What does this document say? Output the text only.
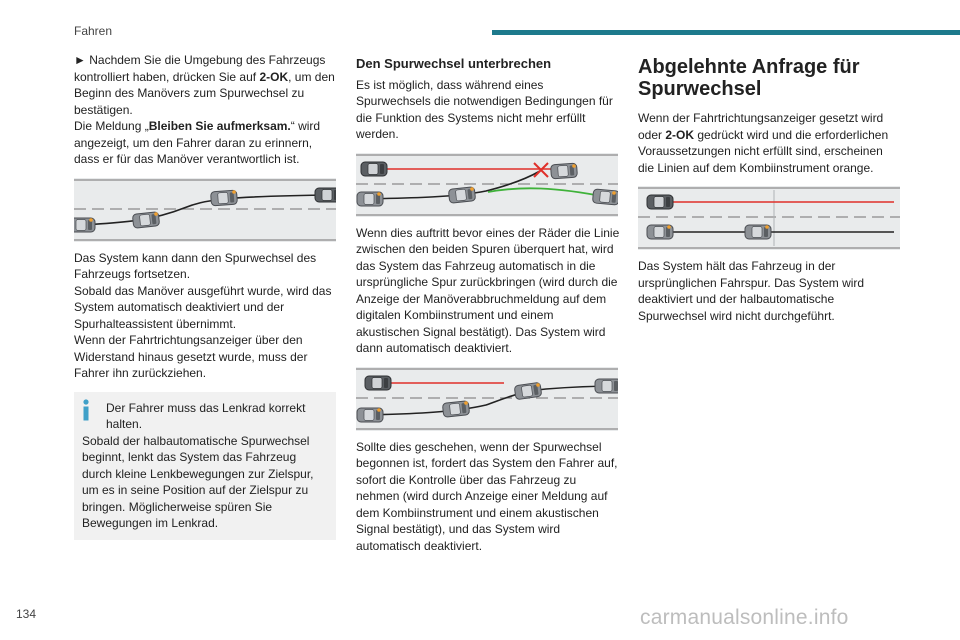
Fahren

► Nachdem Sie die Umgebung des Fahrzeugs kontrolliert haben, drücken Sie auf 2-OK, um den Beginn des Manövers zum Spurwechsel zu bestätigen.

Die Meldung „Bleiben Sie aufmerksam.“ wird angezeigt, um den Fahrer daran zu erinnern, dass er für das Manöver verantwortlich ist.

Das System kann dann den Spurwechsel des Fahrzeugs fortsetzen.

Sobald das Manöver ausgeführt wurde, wird das System automatisch deaktiviert und der Spurhalteassistent übernimmt.

Wenn der Fahrtrichtungsanzeiger über den Widerstand hinaus gesetzt wurde, muss der Fahrer ihn zurückziehen.

Der Fahrer muss das Lenkrad korrekt halten.

Sobald der halbautomatische Spurwechsel beginnt, lenkt das System das Fahrzeug durch kleine Lenkbewegungen zur Zielspur, um es in seine Position auf der Zielspur zu bringen. Möglicherweise spüren Sie Bewegungen im Lenkrad.

Den Spurwechsel unterbrechen

Es ist möglich, dass während eines Spurwechsels die notwendigen Bedingungen für die Funktion des Systems nicht mehr erfüllt werden.

Wenn dies auftritt bevor eines der Räder die Linie zwischen den beiden Spuren überquert hat, wird das System das Fahrzeug automatisch in die ursprüngliche Spur zurückbringen (wird durch die Anzeige der Manöverabbruchmeldung auf dem digitalen Kombiinstrument und einem akustischen Signal bestätigt). Das System wird dann automatisch deaktiviert.

Sollte dies geschehen, wenn der Spurwechsel begonnen ist, fordert das System den Fahrer auf, sofort die Kontrolle über das Fahrzeug zu nehmen (wird durch Anzeige einer Meldung auf dem Kombiinstrument und einem akustischen Signal bestätigt), und das System wird automatisch deaktiviert.

Abgelehnte Anfrage für
Spurwechsel

Wenn der Fahrtrichtungsanzeiger gesetzt wird oder 2-OK gedrückt wird und die erforderlichen Voraussetzungen nicht erfüllt sind, erscheinen die Linien auf dem Kombiinstrument orange.

Das System hält das Fahrzeug in der ursprünglichen Fahrspur. Das System wird deaktiviert und der halbautomatische Spurwechsel wird nicht durchgeführt.

134	carmanualsonline.info
